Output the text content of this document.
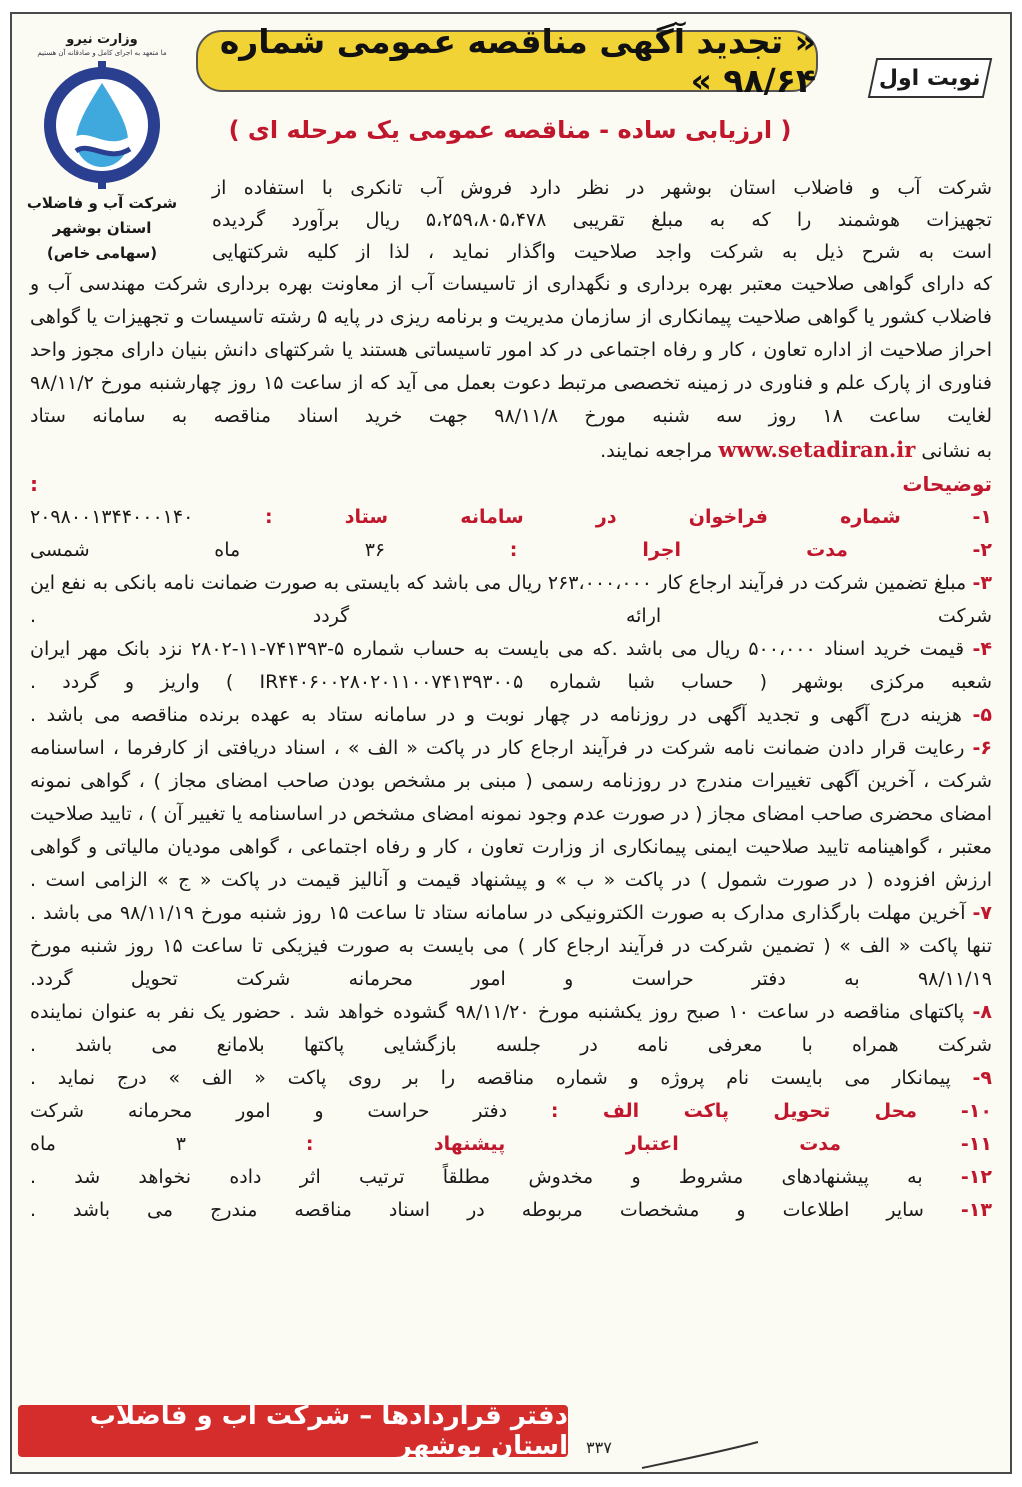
« تجدید آگهی مناقصه عمومی شماره ۹۸/۶۴ »	نوبت اول
وزارت نیرو
ما متعهد به اجرای کامل و صادقانه آن هستیم
شرکت آب و فاضلاب
استان بوشهر
(سهامی خاص)
( ارزیابی ساده - مناقصه عمومی یک مرحله ای )

شرکت آب و فاضلاب استان بوشهر در نظر دارد فروش آب تانکری با استفاده از
تجهیزات هوشمند را که به مبلغ تقریبی ۵،۲۵۹،۸۰۵،۴۷۸ ریال برآورد گردیده
است به شرح ذیل به شرکت واجد صلاحیت واگذار نماید ، لذا از کلیه شرکتهایی

که دارای گواهی صلاحیت معتبر بهره برداری و نگهداری از تاسیسات آب از معاونت بهره برداری شرکت مهندسی آب و فاضلاب کشور یا گواهی صلاحیت پیمانکاری از سازمان مدیریت و برنامه ریزی در پایه ۵ رشته تاسیسات و تجهیزات یا گواهی احراز صلاحیت از اداره تعاون ، کار و رفاه اجتماعی در کد امور تاسیساتی هستند یا شرکتهای دانش بنیان دارای مجوز واحد فناوری از پارک علم و فناوری در زمینه تخصصی مرتبط دعوت بعمل می آید که از ساعت ۱۵ روز چهارشنبه مورخ ۹۸/۱۱/۲ لغایت ساعت ۱۸ روز سه شنبه مورخ ۹۸/۱۱/۸ جهت خرید اسناد مناقصه به سامانه ستاد

به نشانی www.setadiran.ir مراجعه نمایند.

توضیحات :

۱- شماره فراخوان در سامانه ستاد : ۲۰۹۸۰۰۱۳۴۴۰۰۰۱۴۰

۲- مدت اجرا : ۳۶ ماه شمسی

۳- مبلغ تضمین شرکت در فرآیند ارجاع کار ۲۶۳،۰۰۰،۰۰۰ ریال می باشد که بایستی به صورت ضمانت نامه بانکی به نفع این شرکت ارائه گردد .

۴- قیمت خرید اسناد ۵۰۰،۰۰۰ ریال می باشد .که می بایست به حساب شماره ۵-۷۴۱۳۹۳-۱۱-۲۸۰۲ نزد بانک مهر ایران شعبه مرکزی بوشهر ( حساب شبا شماره IR۴۴۰۶۰۰۲۸۰۲۰۱۱۰۰۷۴۱۳۹۳۰۰۵ ) واریز و گردد .

۵- هزینه درج آگهی و تجدید آگهی در روزنامه در چهار نوبت و در سامانه ستاد به عهده برنده مناقصه می باشد .

۶- رعایت قرار دادن ضمانت نامه شرکت در فرآیند ارجاع کار در پاکت « الف » ، اسناد دریافتی از کارفرما ، اساسنامه شرکت ، آخرین آگهی تغییرات مندرج در روزنامه رسمی ( مبنی بر مشخص بودن صاحب امضای مجاز ) ، گواهی نمونه امضای محضری صاحب امضای مجاز ( در صورت عدم وجود نمونه امضای مشخص در اساسنامه یا تغییر آن ) ، تایید صلاحیت معتبر ، گواهینامه تایید صلاحیت ایمنی پیمانکاری از وزارت تعاون ، کار و رفاه اجتماعی ، گواهی مودیان مالیاتی و گواهی ارزش افزوده ( در صورت شمول ) در پاکت « ب » و پیشنهاد قیمت و آنالیز قیمت در پاکت « ج » الزامی است .

۷- آخرین مهلت بارگذاری مدارک به صورت الکترونیکی در سامانه ستاد تا ساعت ۱۵ روز شنبه مورخ ۹۸/۱۱/۱۹ می باشد . تنها پاکت « الف » ( تضمین شرکت در فرآیند ارجاع کار ) می بایست به صورت فیزیکی تا ساعت ۱۵ روز شنبه مورخ ۹۸/۱۱/۱۹ به دفتر حراست و امور محرمانه شرکت تحویل گردد.

۸- پاکتهای مناقصه در ساعت ۱۰ صبح روز یکشنبه مورخ ۹۸/۱۱/۲۰ گشوده خواهد شد . حضور یک نفر به عنوان نماینده شرکت همراه با معرفی نامه در جلسه بازگشایی پاکتها بلامانع می باشد .

۹- پیمانکار می بایست نام پروژه و شماره مناقصه را بر روی پاکت « الف » درج نماید .

۱۰- محل تحویل پاکت الف : دفتر حراست و امور محرمانه شرکت

۱۱- مدت اعتبار پیشنهاد : ۳ ماه

۱۲- به پیشنهادهای مشروط و مخدوش مطلقاً ترتیب اثر داده نخواهد شد .

۱۳- سایر اطلاعات و مشخصات مربوطه در اسناد مناقصه مندرج می باشد .

دفتر قراردادها – شرکت آب و فاضلاب استان بوشهر ۳۳۷
